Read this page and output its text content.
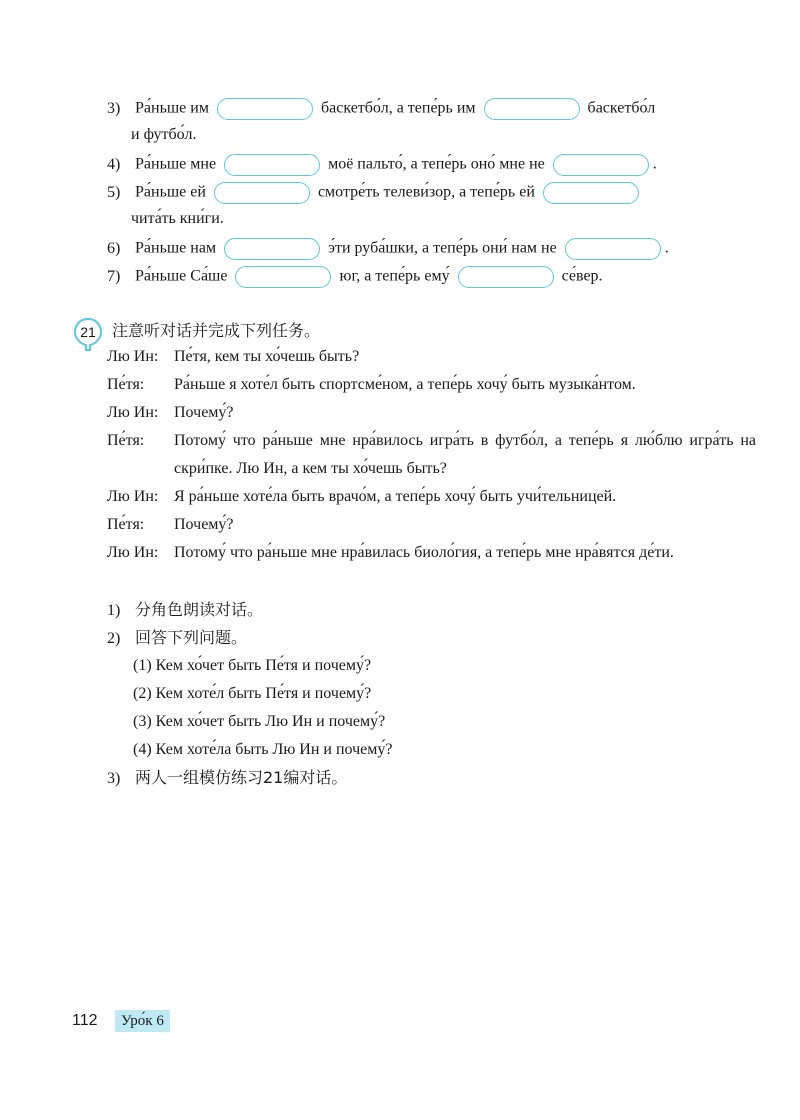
3) Ра́ньше им	баскетбо́л, а тепе́рь им	баскетбо́л
и футбо́л.
4) Ра́ньше мне	моё пальто́, а тепе́рь оно́ мне не	.
5) Ра́ньше ей	смотре́ть телеви́зор, а тепе́рь ей
чита́ть кни́ги.
6) Ра́ньше нам	э́ти руба́шки, а тепе́рь они́ нам не	.
7) Ра́ньше Са́ше	юг, а тепе́рь ему́	се́вер.
21 注意听对话并完成下列任务。
Лю Ин: Пе́тя, кем ты хо́чешь быть?
Пе́тя: Ра́ньше я хоте́л быть спортсме́ном, а тепе́рь хочу́ быть музыка́нтом.
Лю Ин: Почему́?
Пе́тя: Потому́ что ра́ньше мне нра́вилось игра́ть в футбо́л, а тепе́рь я лю́блю игра́ть на скри́пке. Лю Ин, а кем ты хо́чешь быть?
Лю Ин: Я ра́ньше хоте́ла быть врачо́м, а тепе́рь хочу́ быть учи́тельницей.
Пе́тя: Почему́?
Лю Ин: Потому́ что ра́ньше мне нра́вилась биоло́гия, а тепе́рь мне нра́вятся де́ти.
1) 分角色朗读对话。
2) 回答下列问题。
(1) Кем хо́чет быть Пе́тя и почему́?
(2) Кем хоте́л быть Пе́тя и почему́?
(3) Кем хо́чет быть Лю Ин и почему́?
(4) Кем хоте́ла быть Лю Ин и почему́?
3) 两人一组模仿练习21编对话。
112	Уро́к 6
